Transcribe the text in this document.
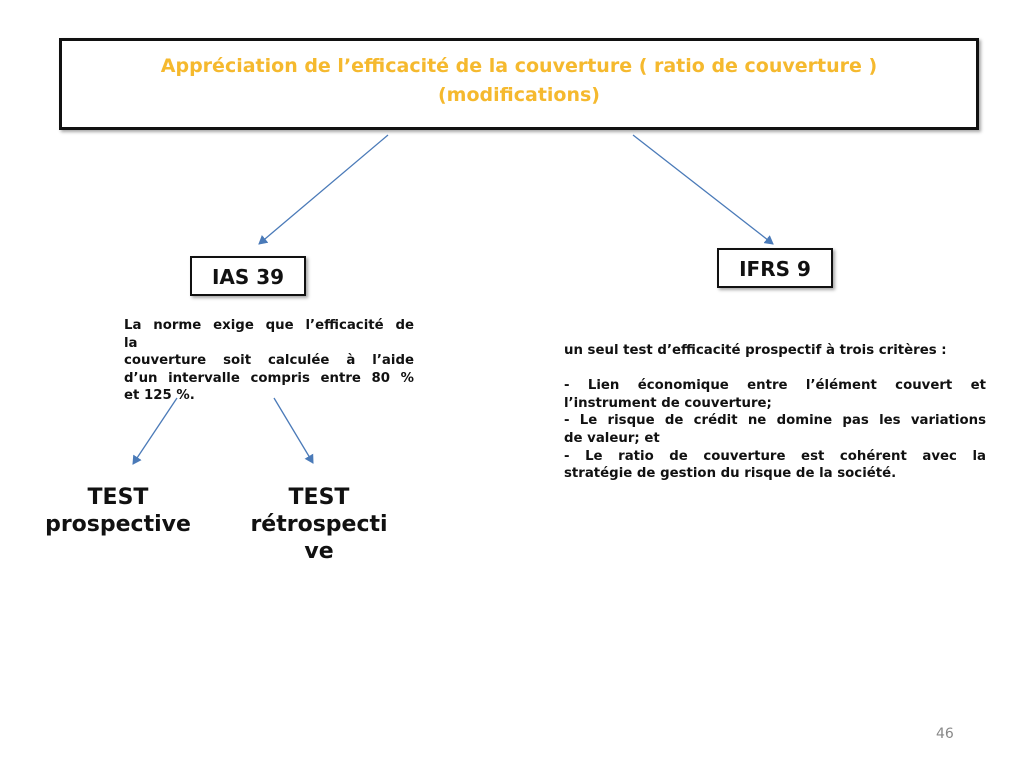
Appréciation de l’efficacité de la couverture ( ratio de couverture )
(modifications)
IAS 39
La norme exige que l’efficacité de
la
couverture soit calculée à l’aide
d’un intervalle compris entre 80 %
et 125 %.
TEST
prospective
TEST
rétrospecti
ve
IFRS 9
un seul test d’efficacité prospectif à trois critères :

- Lien économique entre l’élément couvert et
l’instrument de couverture;
- Le risque de crédit ne domine pas les variations
de valeur; et
- Le ratio de couverture est cohérent avec la
stratégie de gestion du risque de la société.
46
